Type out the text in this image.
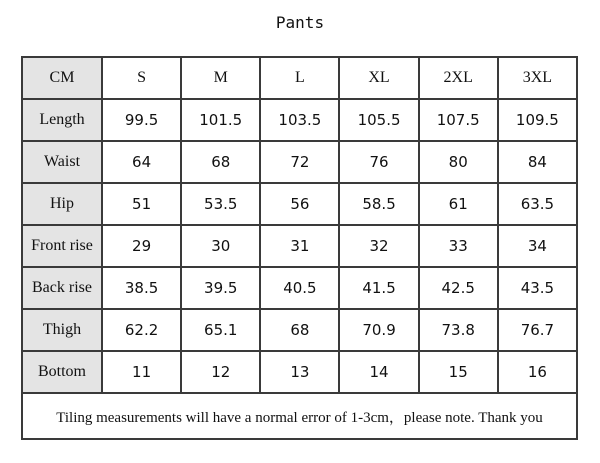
Pants
CM	S	M	L	XL	2XL	3XL
Length	99.5	101.5	103.5	105.5	107.5	109.5
Waist	64	68	72	76	80	84
Hip	51	53.5	56	58.5	61	63.5
Front rise	29	30	31	32	33	34
Back rise	38.5	39.5	40.5	41.5	42.5	43.5
Thigh	62.2	65.1	68	70.9	73.8	76.7
Bottom	11	12	13	14	15	16
Tiling measurements will have a normal error of 1-3cm，please note. Thank you						
